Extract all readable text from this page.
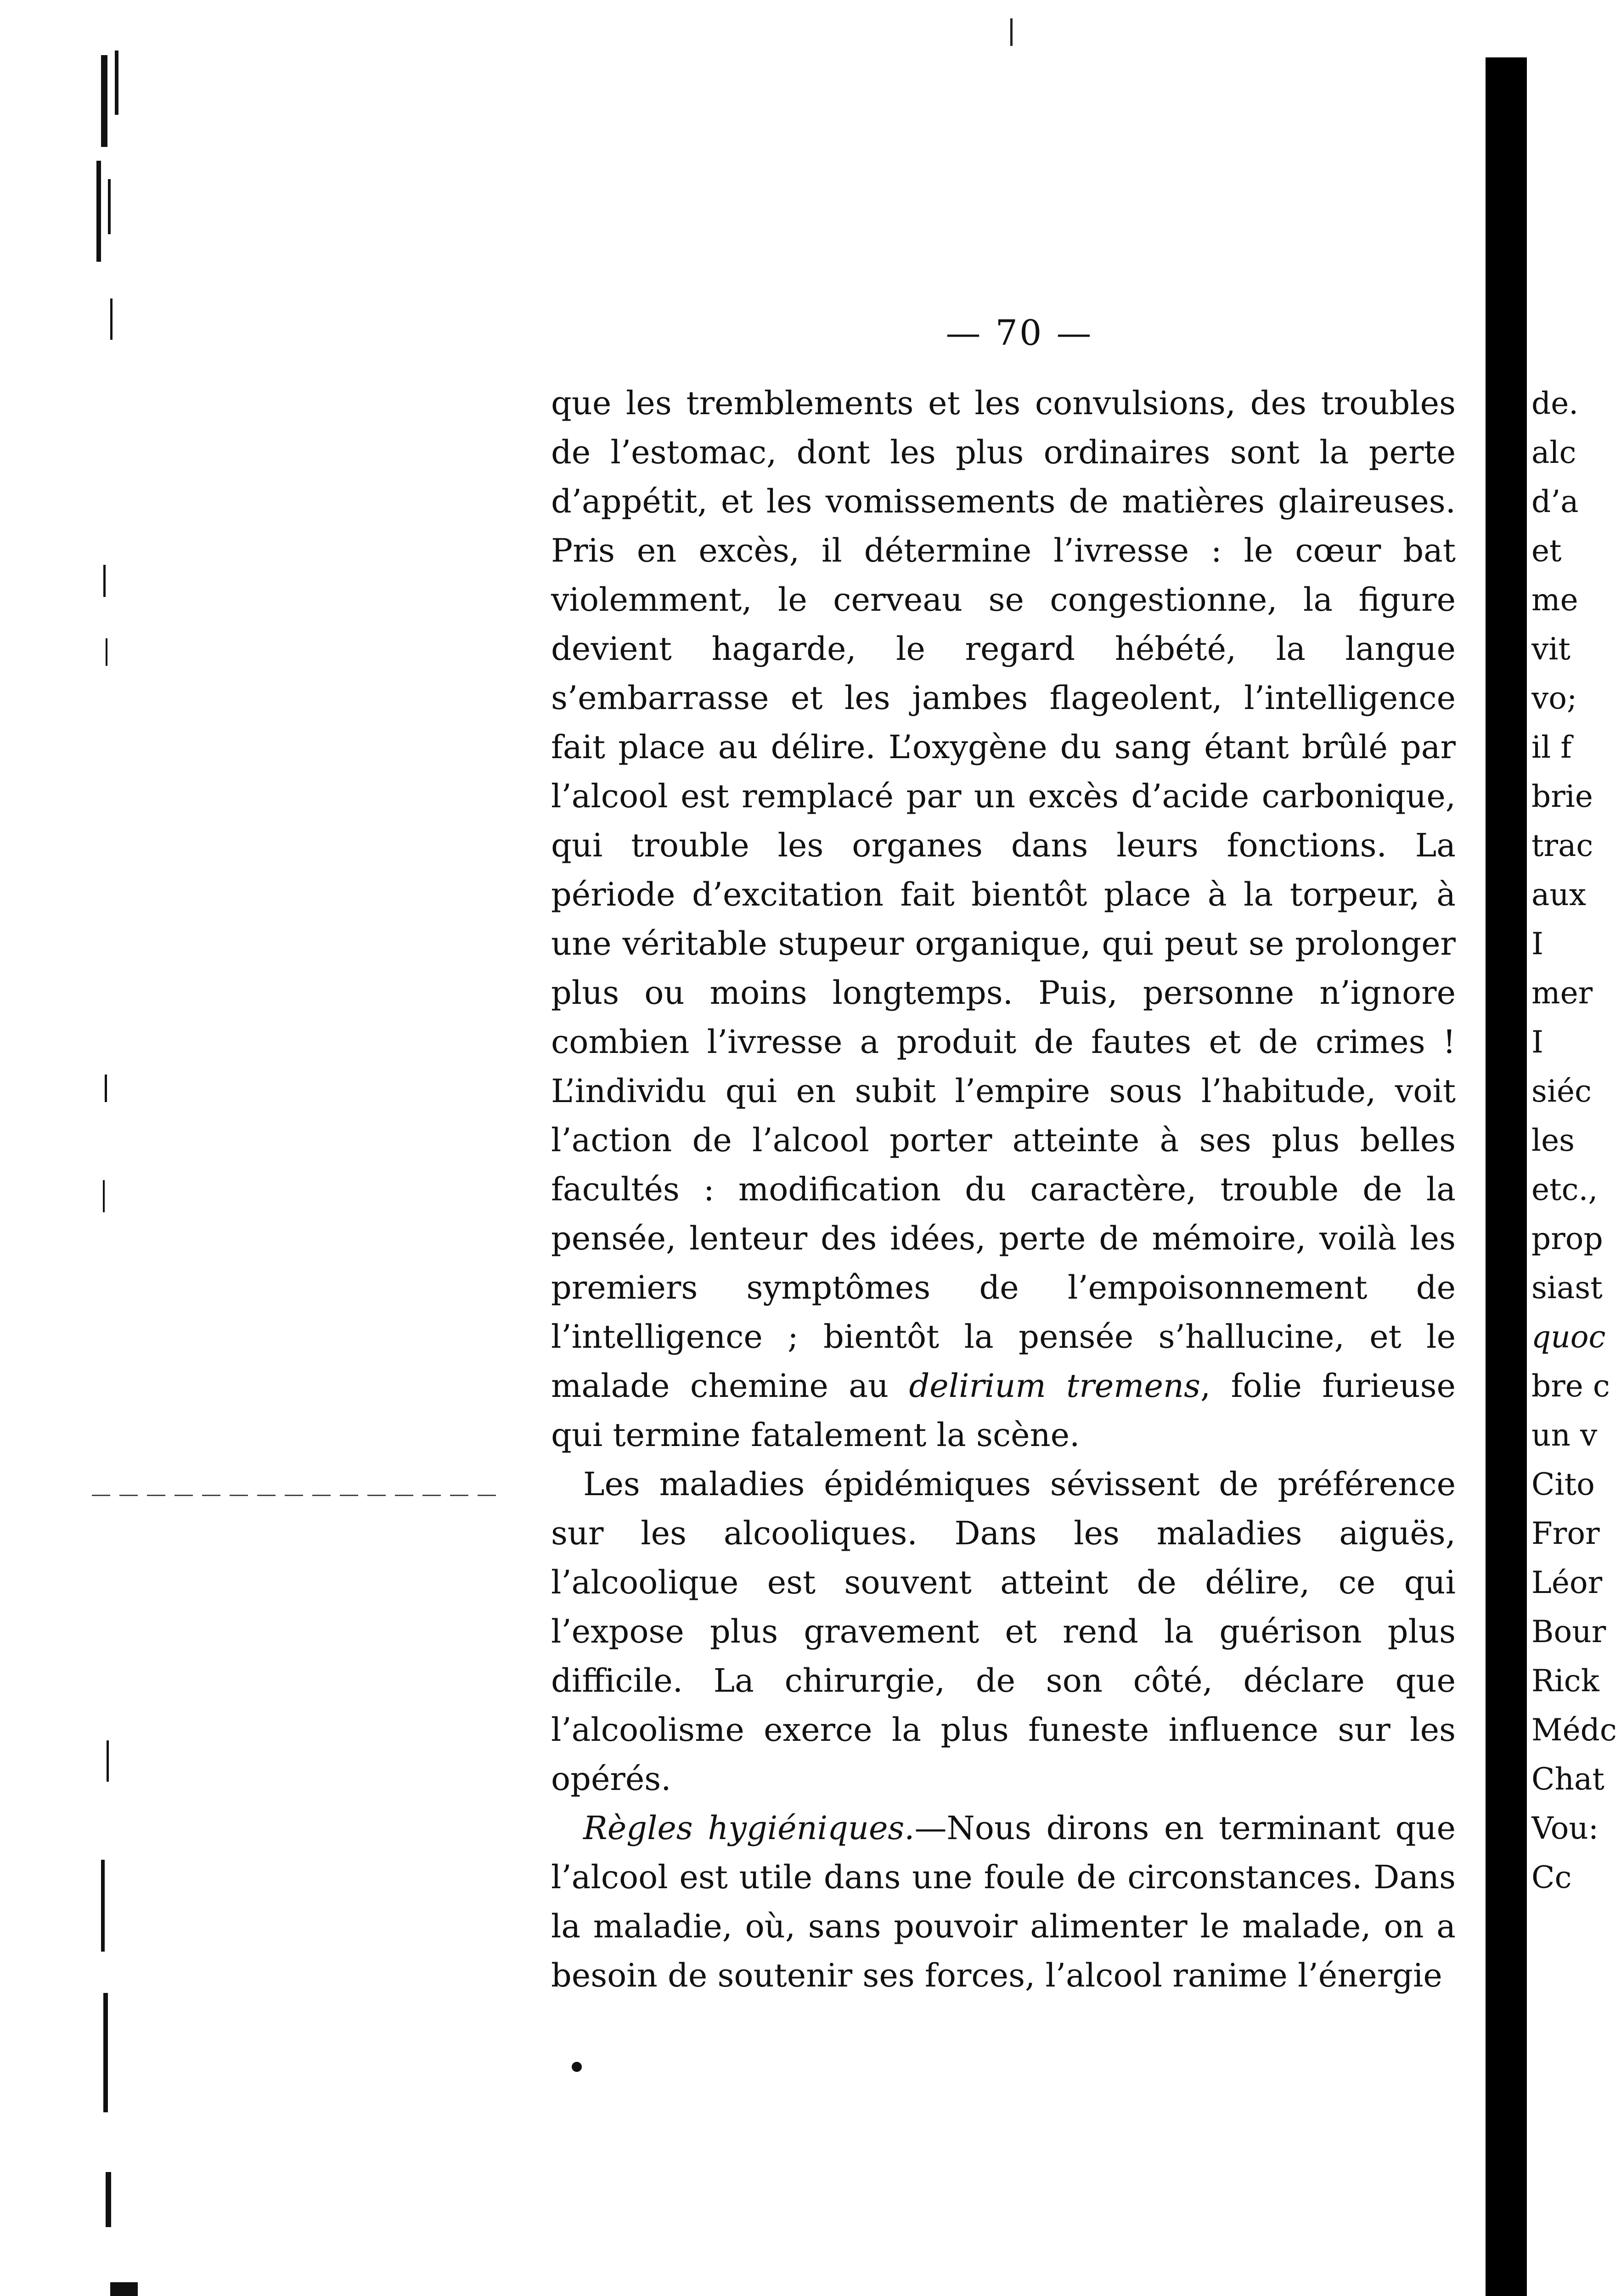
— 70 —

que les tremblements et les convulsions, des troubles de l’estomac, dont les plus ordinaires sont la perte d’appétit, et les vomissements de matières glaireuses. Pris en excès, il détermine l’ivresse : le cœur bat violemment, le cerveau se congestionne, la figure devient hagarde, le regard hébété, la langue s’embarrasse et les jambes flageolent, l’intelligence fait place au délire. L’oxygène du sang étant brûlé par l’alcool est remplacé par un excès d’acide carbonique, qui trouble les organes dans leurs fonctions. La période d’excitation fait bientôt place à la torpeur, à une véritable stupeur organique, qui peut se prolonger plus ou moins longtemps. Puis, personne n’ignore combien l’ivresse a produit de fautes et de crimes ! L’individu qui en subit l’empire sous l’habitude, voit l’action de l’alcool porter atteinte à ses plus belles facultés : modification du caractère, trouble de la pensée, lenteur des idées, perte de mémoire, voilà les premiers symptômes de l’empoisonnement de l’intelligence ; bientôt la pensée s’hallucine, et le malade chemine au delirium tremens, folie furieuse qui termine fatalement la scène.

Les maladies épidémiques sévissent de préférence sur les alcooliques. Dans les maladies aiguës, l’alcoolique est souvent atteint de délire, ce qui l’expose plus gravement et rend la guérison plus difficile. La chirurgie, de son côté, déclare que l’alcoolisme exerce la plus funeste influence sur les opérés.

Règles hygiéniques.—Nous dirons en terminant que l’alcool est utile dans une foule de circonstances. Dans la maladie, où, sans pouvoir alimenter le malade, on a besoin de soutenir ses forces, l’alcool ranime l’énergie

de.
alc
d’a
et
me
vit
vo;
il f
brie
trac
aux
I
mer
I
siéc
les
etc.,
prop
siast
quoc
bre c
un v
Cito
Fror
Léor
Bour
Rick
Médc
Chat
Vou:
Cc
